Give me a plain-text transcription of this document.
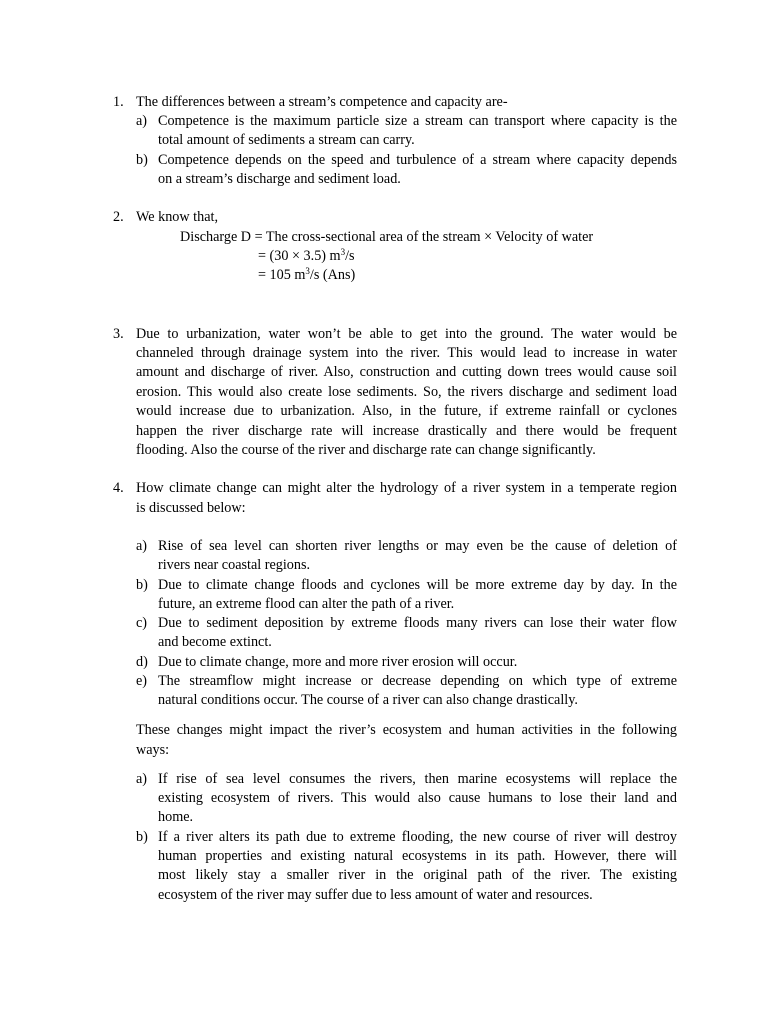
1. The differences between a stream’s competence and capacity are-
a) Competence is the maximum particle size a stream can transport where capacity is the
total amount of sediments a stream can carry.
b) Competence depends on the speed and turbulence of a stream where capacity depends
on a stream’s discharge and sediment load.
2. We know that,
Discharge D = The cross-sectional area of the stream × Velocity of water
= (30 × 3.5) $m^3/s$
= 105 $m^3/s$ (Ans)
3. Due to urbanization, water won’t be able to get into the ground. The water would be
channeled through drainage system into the river. This would lead to increase in water
amount and discharge of river. Also, construction and cutting down trees would cause soil
erosion. This would also create lose sediments. So, the rivers discharge and sediment load
would increase due to urbanization. Also, in the future, if extreme rainfall or cyclones
happen the river discharge rate will increase drastically and there would be frequent
flooding. Also the course of the river and discharge rate can change significantly.
4. How climate change can might alter the hydrology of a river system in a temperate region
is discussed below:
a) Rise of sea level can shorten river lengths or may even be the cause of deletion of
rivers near coastal regions.
b) Due to climate change floods and cyclones will be more extreme day by day. In the
future, an extreme flood can alter the path of a river.
c) Due to sediment deposition by extreme floods many rivers can lose their water flow
and become extinct.
d) Due to climate change, more and more river erosion will occur.
e) The streamflow might increase or decrease depending on which type of extreme
natural conditions occur. The course of a river can also change drastically.
These changes might impact the river’s ecosystem and human activities in the following
ways:
a) If rise of sea level consumes the rivers, then marine ecosystems will replace the
existing ecosystem of rivers. This would also cause humans to lose their land and
home.
b) If a river alters its path due to extreme flooding, the new course of river will destroy
human properties and existing natural ecosystems in its path. However, there will
most likely stay a smaller river in the original path of the river. The existing
ecosystem of the river may suffer due to less amount of water and resources.
